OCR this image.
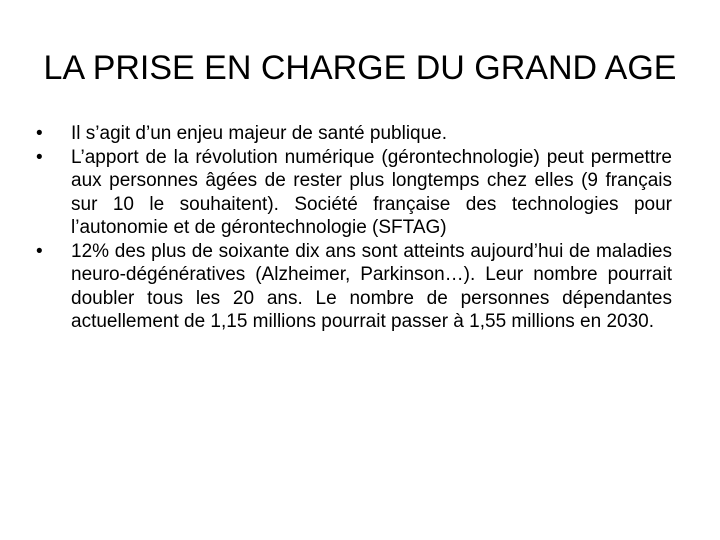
LA PRISE EN CHARGE DU GRAND AGE
•	Il s’agit d’un enjeu majeur de santé publique.
•	L’apport de la révolution numérique (gérontechnologie) peut permettre aux personnes âgées de rester plus longtemps chez elles (9 français sur 10 le souhaitent). Société française des technologies pour l’autonomie et de gérontechnologie (SFTAG)
•	12% des plus de soixante dix ans sont atteints aujourd’hui de maladies neuro-dégénératives (Alzheimer, Parkinson…). Leur nombre pourrait doubler tous les 20 ans. Le nombre de personnes dépendantes actuellement de 1,15 millions pourrait passer à 1,55 millions en 2030.
